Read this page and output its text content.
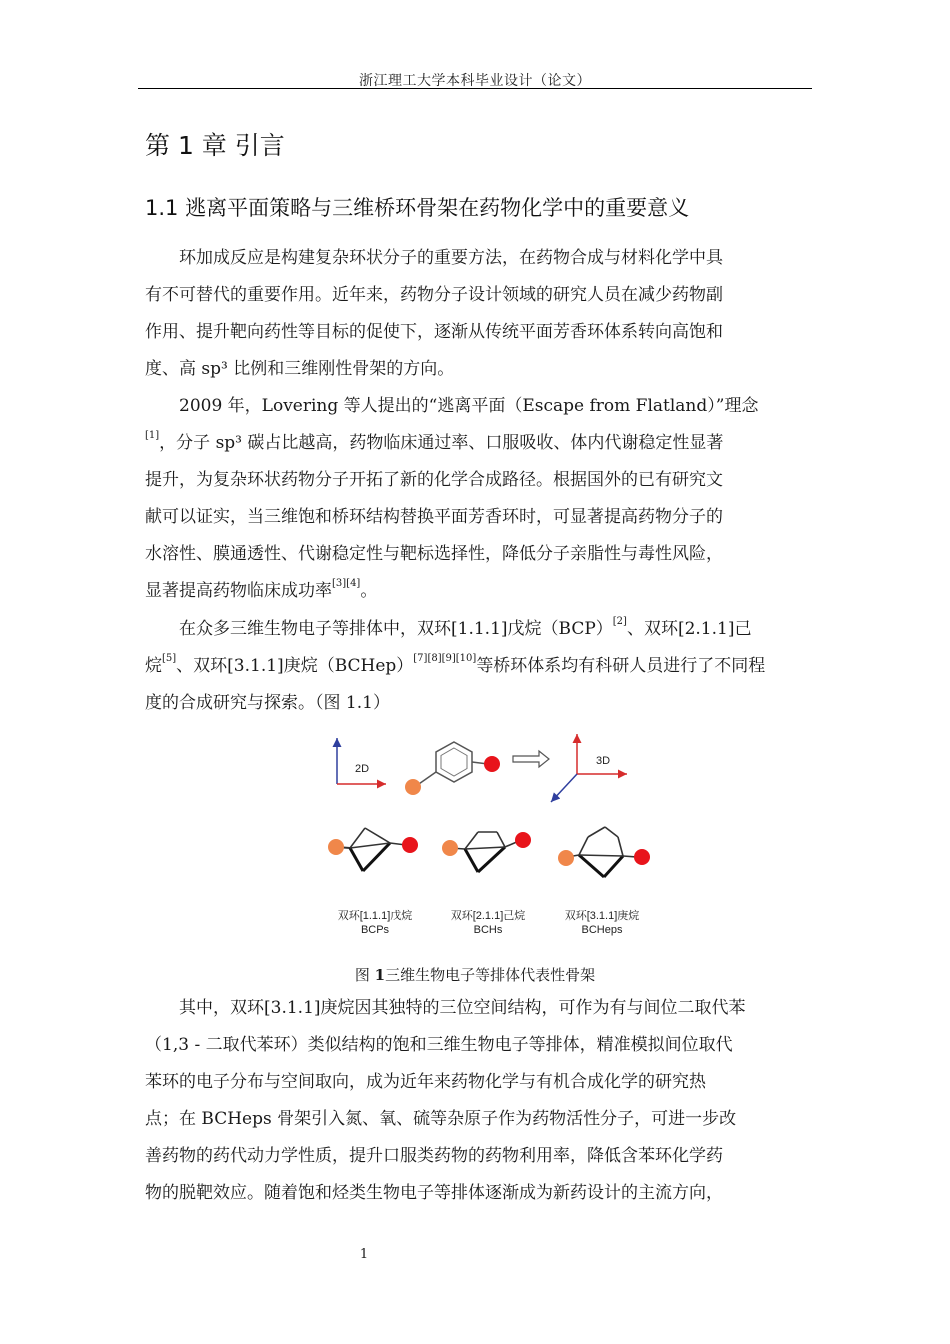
浙江理工大学本科毕业设计（论文）
第 1 章 引言
1.1 逃离平面策略与三维桥环骨架在药物化学中的重要意义
环加成反应是构建复杂环状分子的重要方法，在药物合成与材料化学中具
有不可替代的重要作用。近年来，药物分子设计领域的研究人员在减少药物副
作用、提升靶向药性等目标的促使下，逐渐从传统平面芳香环体系转向高饱和
度、高 sp³ 比例和三维刚性骨架的方向。
2009 年，Lovering 等人提出的“逃离平面（Escape from Flatland）”理念
[1]，分子 sp³ 碳占比越高，药物临床通过率、口服吸收、体内代谢稳定性显著
提升，为复杂环状药物分子开拓了新的化学合成路径。根据国外的已有研究文
献可以证实，当三维饱和桥环结构替换平面芳香环时，可显著提高药物分子的
水溶性、膜通透性、代谢稳定性与靶标选择性，降低分子亲脂性与毒性风险，
显著提高药物临床成功率[3][4]。
在众多三维生物电子等排体中，双环[1.1.1]戊烷（BCP）[2]、双环[2.1.1]己
烷[5]、双环[3.1.1]庚烷（BCHep）[7][8][9][10]等桥环体系均有科研人员进行了不同程
度的合成研究与探索。（图 1.1）
2D
3D
双环[1.1.1]戊烷
BCPs
双环[2.1.1]己烷
BCHs
双环[3.1.1]庚烷
BCHeps
图 1三维生物电子等排体代表性骨架
其中，双环[3.1.1]庚烷因其独特的三位空间结构，可作为有与间位二取代苯
（1,3 - 二取代苯环）类似结构的饱和三维生物电子等排体，精准模拟间位取代
苯环的电子分布与空间取向，成为近年来药物化学与有机合成化学的研究热
点；在 BCHeps 骨架引入氮、氧、硫等杂原子作为药物活性分子，可进一步改
善药物的药代动力学性质，提升口服类药物的药物利用率，降低含苯环化学药
物的脱靶效应。随着饱和烃类生物电子等排体逐渐成为新药设计的主流方向，
1
